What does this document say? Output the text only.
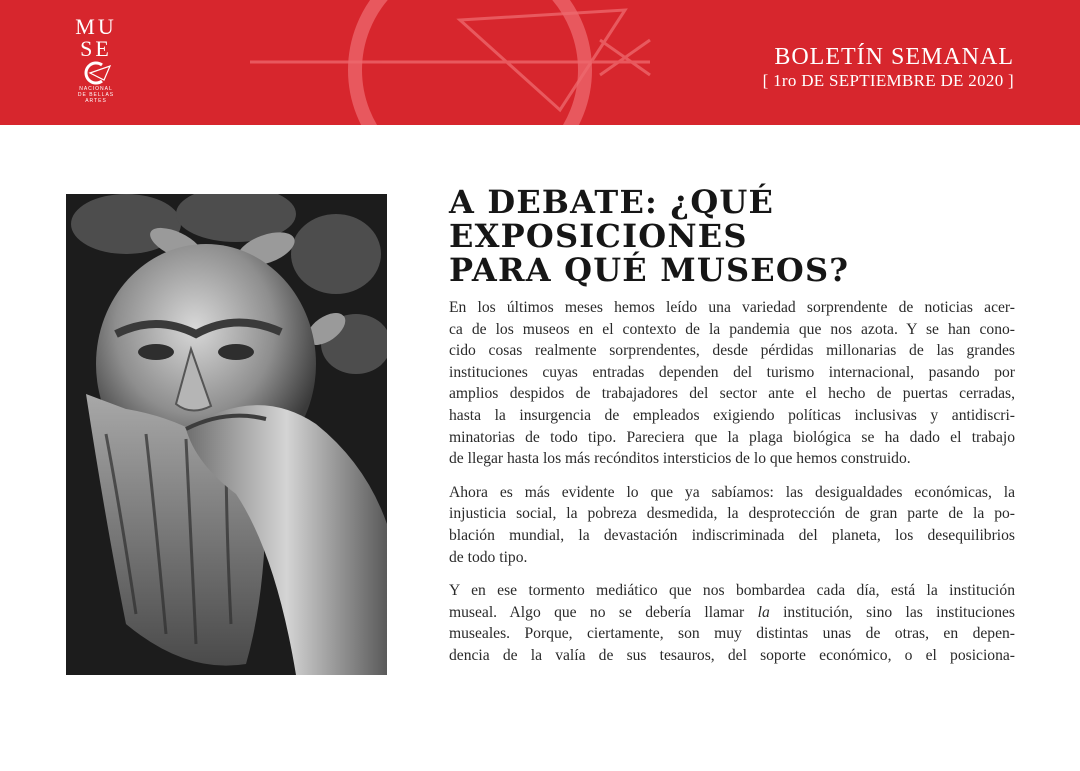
MU
SE
NACIONAL
DE BELLAS
ARTES
BOLETÍN SEMANAL
[ 1ro DE SEPTIEMBRE DE 2020 ]
A DEBATE: ¿QUÉ EXPOSICIONES
PARA QUÉ MUSEOS?

En los últimos meses hemos leído una variedad sorprendente de noticias acer-
ca de los museos en el contexto de la pandemia que nos azota. Y se han cono-
cido cosas realmente sorprendentes, desde pérdidas millonarias de las grandes
instituciones cuyas entradas dependen del turismo internacional, pasando por
amplios despidos de trabajadores del sector ante el hecho de puertas cerradas,
hasta la insurgencia de empleados exigiendo políticas inclusivas y antidiscri-
minatorias de todo tipo. Pareciera que la plaga biológica se ha dado el trabajo
de llegar hasta los más recónditos intersticios de lo que hemos construido.

Ahora es más evidente lo que ya sabíamos: las desigualdades económicas, la
injusticia social, la pobreza desmedida, la desprotección de gran parte de la po-
blación mundial, la devastación indiscriminada del planeta, los desequilibrios
de todo tipo.

Y en ese tormento mediático que nos bombardea cada día, está la institución
museal. Algo que no se debería llamar la institución, sino las instituciones
museales. Porque, ciertamente, son muy distintas unas de otras, en depen-
dencia de la valía de sus tesauros, del soporte económico, o el posiciona-
